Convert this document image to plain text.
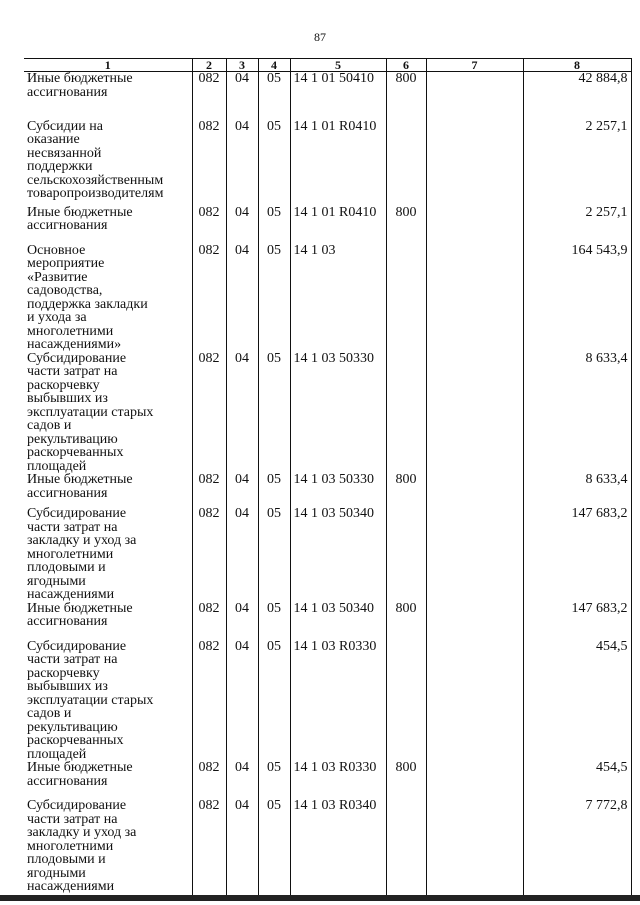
87
1	2	3	4	5	6	7	8

Иные бюджетные ассигнования	082	04	05	14 1 01 50410	800		42 884,8

Субсидии на оказание несвязанной поддержки сельскохозяйственным товаропроизводителям	082	04	05	14 1 01 R0410			2 257,1

Иные бюджетные ассигнования	082	04	05	14 1 01 R0410	800		2 257,1

Основное мероприятие «Развитие садоводства, поддержка закладки и ухода за многолетними насаждениями»	082	04	05	14 1 03			164 543,9

Субсидирование части затрат на раскорчевку выбывших из эксплуатации старых садов и рекультивацию раскорчеванных площадей	082	04	05	14 1 03 50330			8 633,4

Иные бюджетные ассигнования	082	04	05	14 1 03 50330	800		8 633,4

Субсидирование части затрат на закладку и уход за многолетними плодовыми и ягодными насаждениями	082	04	05	14 1 03 50340			147 683,2

Иные бюджетные ассигнования	082	04	05	14 1 03 50340	800		147 683,2

Субсидирование части затрат на раскорчевку выбывших из эксплуатации старых садов и рекультивацию раскорчеванных площадей	082	04	05	14 1 03 R0330			454,5

Иные бюджетные ассигнования	082	04	05	14 1 03 R0330	800		454,5

Субсидирование части затрат на закладку и уход за многолетними плодовыми и ягодными насаждениями	082	04	05	14 1 03 R0340			7 772,8
